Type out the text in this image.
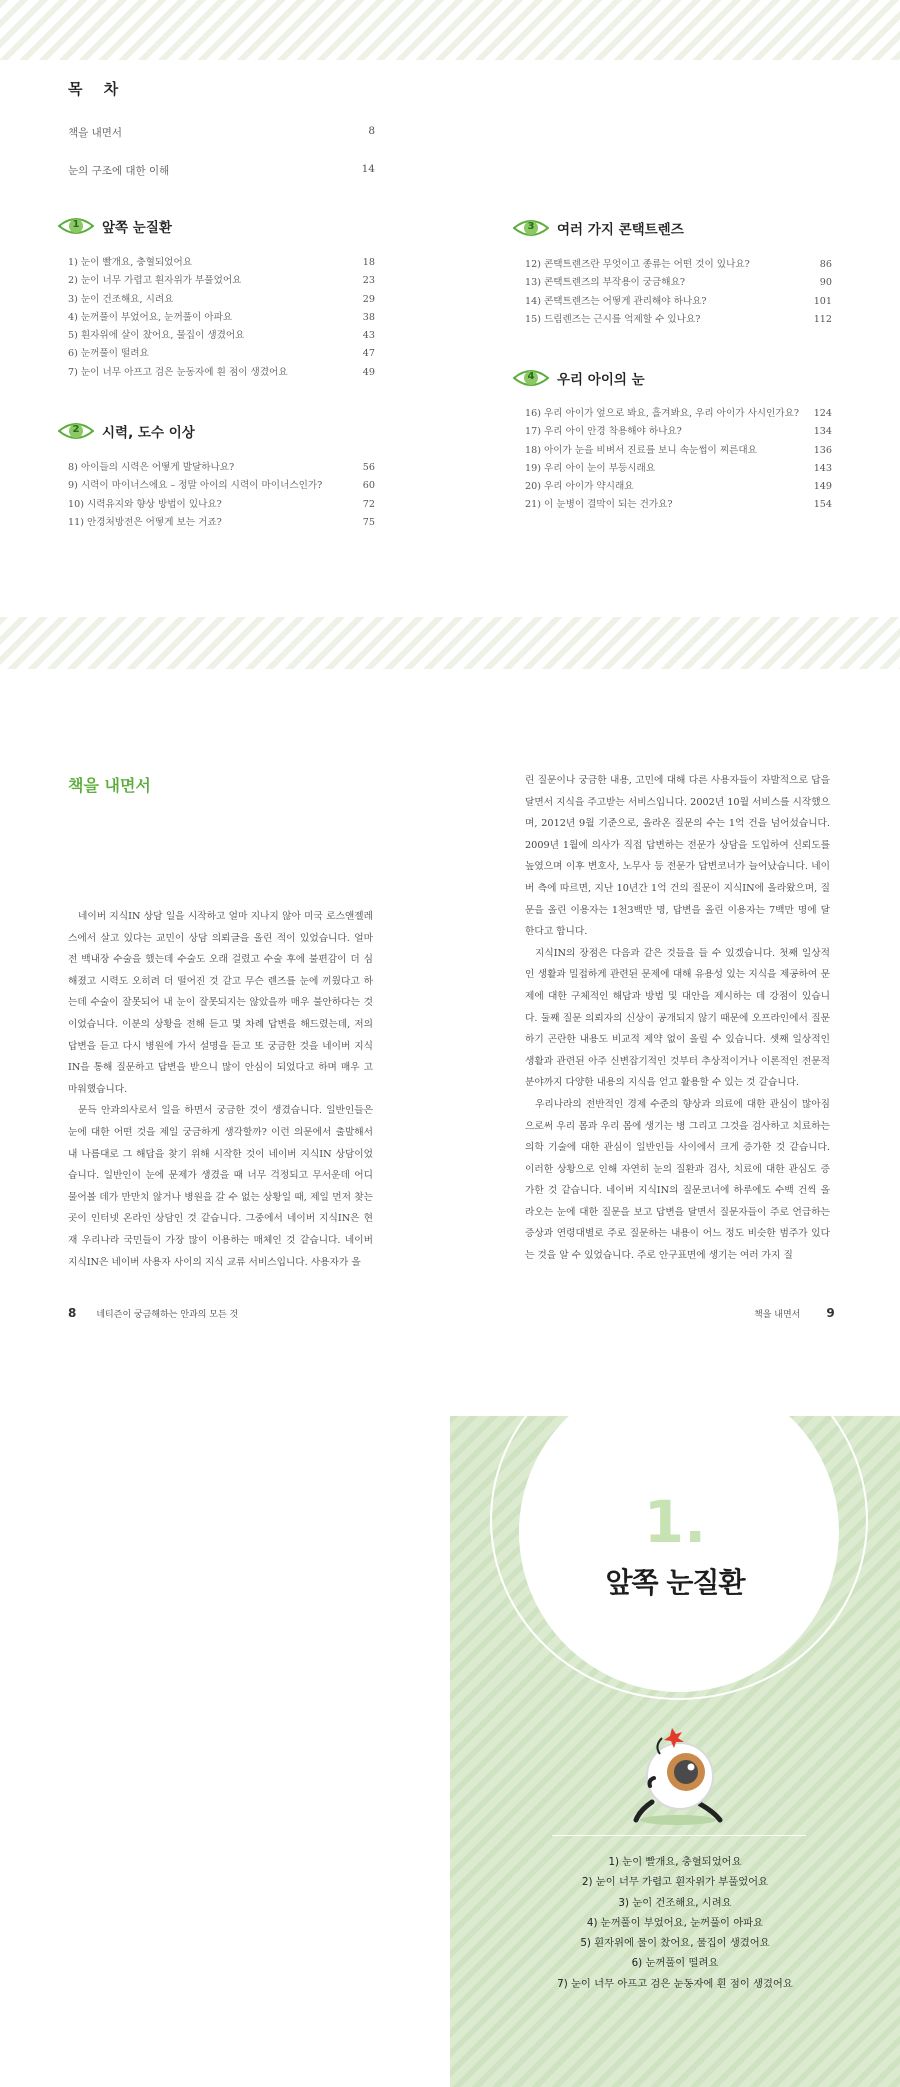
목 차
책을 내면서	8
눈의 구조에 대한 이해	14
1	앞쪽 눈질환
1) 눈이 빨개요, 충혈되었어요	18
2) 눈이 너무 가렵고 흰자위가 부풀었어요	23
3) 눈이 건조해요, 시려요	29
4) 눈꺼풀이 부었어요, 눈꺼풀이 아파요	38
5) 흰자위에 살이 찼어요, 물집이 생겼어요	43
6) 눈꺼풀이 떨려요	47
7) 눈이 너무 아프고 검은 눈동자에 흰 점이 생겼어요	49
2	시력, 도수 이상
8) 아이들의 시력은 어떻게 발달하나요?	56
9) 시력이 마이너스에요 – 정말 아이의 시력이 마이너스인가?	60
10) 시력유지와 향상 방법이 있나요?	72
11) 안경처방전은 어떻게 보는 거죠?	75
3	여러 가지 콘택트렌즈
12) 콘택트렌즈란 무엇이고 종류는 어떤 것이 있나요?	86
13) 콘택트렌즈의 부작용이 궁금해요?	90
14) 콘택트렌즈는 어떻게 관리해야 하나요?	101
15) 드림렌즈는 근시를 억제할 수 있나요?	112
4	우리 아이의 눈
16) 우리 아이가 엎으로 봐요, 흘겨봐요, 우리 아이가 사시인가요? 124
17) 우리 아이 안경 착용해야 하나요?	134
18) 아이가 눈을 비벼서 진료를 보니 속눈썹이 찌른대요	136
19) 우리 아이 눈이 부등시래요	143
20) 우리 아이가 약시래요	149
21) 이 눈병이 결막이 되는 건가요?	154
책을 내면서

네이버 지식IN 상담 일을 시작하고 얼마 지나지 않아 미국 로스앤젤레스에서 살고 있다는 교민이 상담 의뢰글을 올린 적이 있었습니다. 얼마 전 백내장 수술을 했는데 수술도 오래 걸렸고 수술 후에 불편감이 더 심해졌고 시력도 오히려 더 떨어진 것 같고 무슨 렌즈를 눈에 끼웠다고 하는데 수술이 잘못되어 내 눈이 잘못되지는 않았을까 매우 불안하다는 것이었습니다. 이분의 상황을 전해 듣고 몇 차례 답변을 해드렸는데, 저의 답변을 듣고 다시 병원에 가서 설명을 듣고 또 궁금한 것을 네이버 지식IN을 통해 질문하고 답변을 받으니 많이 안심이 되었다고 하며 매우 고마워했습니다.

문득 안과의사로서 일을 하면서 궁금한 것이 생겼습니다. 일반인들은 눈에 대한 어떤 것을 제일 궁금하게 생각할까? 이런 의문에서 출발해서 내 나름대로 그 해답을 찾기 위해 시작한 것이 네이버 지식IN 상담이었습니다. 일반인이 눈에 문제가 생겼을 때 너무 걱정되고 무서운데 어디 물어볼 데가 만만치 않거나 병원을 갈 수 없는 상황일 때, 제일 먼저 찾는 곳이 인터넷 온라인 상담인 것 같습니다. 그중에서 네이버 지식IN은 현재 우리나라 국민들이 가장 많이 이용하는 매체인 것 같습니다. 네이버 지식IN은 네이버 사용자 사이의 지식 교류 서비스입니다. 사용자가 올

린 질문이나 궁금한 내용, 고민에 대해 다른 사용자들이 자발적으로 답을 달면서 지식을 주고받는 서비스입니다. 2002년 10월 서비스를 시작했으며, 2012년 9월 기준으로, 올라온 질문의 수는 1억 건을 넘어섰습니다. 2009년 1월에 의사가 직접 답변하는 전문가 상담을 도입하여 신뢰도를 높였으며 이후 변호사, 노무사 등 전문가 답변코너가 늘어났습니다. 네이버 측에 따르면, 지난 10년간 1억 건의 질문이 지식IN에 올라왔으며, 질문을 올린 이용자는 1천3백만 명, 답변을 올린 이용자는 7백만 명에 달한다고 합니다.

지식IN의 장점은 다음과 같은 것들을 들 수 있겠습니다. 첫째 일상적인 생활과 밀접하게 관련된 문제에 대해 유용성 있는 지식을 제공하여 문제에 대한 구체적인 해답과 방법 및 대안을 제시하는 데 강점이 있습니다. 둘째 질문 의뢰자의 신상이 공개되지 않기 때문에 오프라인에서 질문하기 곤란한 내용도 비교적 제약 없이 올릴 수 있습니다. 셋째 일상적인 생활과 관련된 아주 신변잡기적인 것부터 추상적이거나 이론적인 전문적 분야까지 다양한 내용의 지식을 얻고 활용할 수 있는 것 같습니다.

우리나라의 전반적인 경제 수준의 향상과 의료에 대한 관심이 많아짐으로써 우리 몸과 우리 몸에 생기는 병 그리고 그것을 검사하고 치료하는 의학 기술에 대한 관심이 일반인들 사이에서 크게 증가한 것 같습니다. 이러한 상황으로 인해 자연히 눈의 질환과 검사, 치료에 대한 관심도 증가한 것 같습니다. 네이버 지식IN의 질문코너에 하루에도 수백 건씩 올라오는 눈에 대한 질문을 보고 답변을 달면서 질문자들이 주로 언급하는 증상과 연령대별로 주로 질문하는 내용이 어느 정도 비슷한 범주가 있다는 것을 알 수 있었습니다. 주로 안구표면에 생기는 여러 가지 질

8 네티즌이 궁금해하는 안과의 모든 것	책을 내면서 9
1.
앞쪽 눈질환
1) 눈이 빨개요, 충혈되었어요
2) 눈이 너무 가렵고 흰자위가 부풀었어요
3) 눈이 건조해요, 시려요
4) 눈꺼풀이 부었어요, 눈꺼풀이 아파요
5) 흰자위에 물이 찼어요, 물집이 생겼어요
6) 눈꺼풀이 떨려요
7) 눈이 너무 아프고 검은 눈동자에 흰 점이 생겼어요
